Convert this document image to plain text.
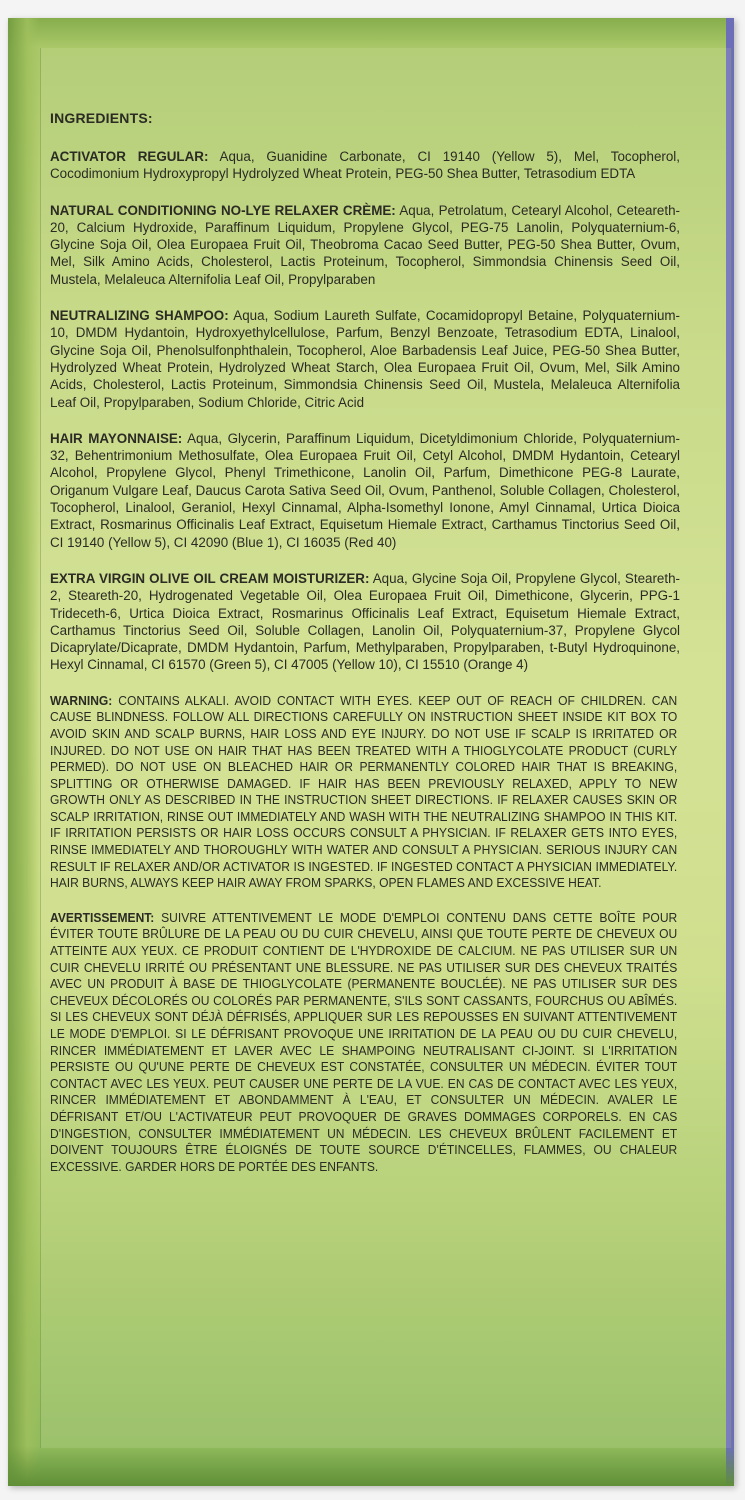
INGREDIENTS:
ACTIVATOR REGULAR: Aqua, Guanidine Carbonate, CI 19140 (Yellow 5), Mel, Tocopherol, Cocodimonium Hydroxypropyl Hydrolyzed Wheat Protein, PEG-50 Shea Butter, Tetrasodium EDTA
NATURAL CONDITIONING NO-LYE RELAXER CRÈME: Aqua, Petrolatum, Cetearyl Alcohol, Ceteareth-20, Calcium Hydroxide, Paraffinum Liquidum, Propylene Glycol, PEG-75 Lanolin, Polyquaternium-6, Glycine Soja Oil, Olea Europaea Fruit Oil, Theobroma Cacao Seed Butter, PEG-50 Shea Butter, Ovum, Mel, Silk Amino Acids, Cholesterol, Lactis Proteinum, Tocopherol, Simmondsia Chinensis Seed Oil, Mustela, Melaleuca Alternifolia Leaf Oil, Propylparaben
NEUTRALIZING SHAMPOO: Aqua, Sodium Laureth Sulfate, Cocamidopropyl Betaine, Polyquaternium-10, DMDM Hydantoin, Hydroxyethylcellulose, Parfum, Benzyl Benzoate, Tetrasodium EDTA, Linalool, Glycine Soja Oil, Phenolsulfonphthalein, Tocopherol, Aloe Barbadensis Leaf Juice, PEG-50 Shea Butter, Hydrolyzed Wheat Protein, Hydrolyzed Wheat Starch, Olea Europaea Fruit Oil, Ovum, Mel, Silk Amino Acids, Cholesterol, Lactis Proteinum, Simmondsia Chinensis Seed Oil, Mustela, Melaleuca Alternifolia Leaf Oil, Propylparaben, Sodium Chloride, Citric Acid
HAIR MAYONNAISE: Aqua, Glycerin, Paraffinum Liquidum, Dicetyldimonium Chloride, Polyquaternium-32, Behentrimonium Methosulfate, Olea Europaea Fruit Oil, Cetyl Alcohol, DMDM Hydantoin, Cetearyl Alcohol, Propylene Glycol, Phenyl Trimethicone, Lanolin Oil, Parfum, Dimethicone PEG-8 Laurate, Origanum Vulgare Leaf, Daucus Carota Sativa Seed Oil, Ovum, Panthenol, Soluble Collagen, Cholesterol, Tocopherol, Linalool, Geraniol, Hexyl Cinnamal, Alpha-Isomethyl Ionone, Amyl Cinnamal, Urtica Dioica Extract, Rosmarinus Officinalis Leaf Extract, Equisetum Hiemale Extract, Carthamus Tinctorius Seed Oil, CI 19140 (Yellow 5), CI 42090 (Blue 1), CI 16035 (Red 40)
EXTRA VIRGIN OLIVE OIL CREAM MOISTURIZER: Aqua, Glycine Soja Oil, Propylene Glycol, Steareth-2, Steareth-20, Hydrogenated Vegetable Oil, Olea Europaea Fruit Oil, Dimethicone, Glycerin, PPG-1 Trideceth-6, Urtica Dioica Extract, Rosmarinus Officinalis Leaf Extract, Equisetum Hiemale Extract, Carthamus Tinctorius Seed Oil, Soluble Collagen, Lanolin Oil, Polyquaternium-37, Propylene Glycol Dicaprylate/Dicaprate, DMDM Hydantoin, Parfum, Methylparaben, Propylparaben, t-Butyl Hydroquinone, Hexyl Cinnamal, CI 61570 (Green 5), CI 47005 (Yellow 10), CI 15510 (Orange 4)
WARNING: CONTAINS ALKALI. AVOID CONTACT WITH EYES. KEEP OUT OF REACH OF CHILDREN. CAN CAUSE BLINDNESS. FOLLOW ALL DIRECTIONS CAREFULLY ON INSTRUCTION SHEET INSIDE KIT BOX TO AVOID SKIN AND SCALP BURNS, HAIR LOSS AND EYE INJURY. DO NOT USE IF SCALP IS IRRITATED OR INJURED. DO NOT USE ON HAIR THAT HAS BEEN TREATED WITH A THIOGLYCOLATE PRODUCT (CURLY PERMED). DO NOT USE ON BLEACHED HAIR OR PERMANENTLY COLORED HAIR THAT IS BREAKING, SPLITTING OR OTHERWISE DAMAGED. IF HAIR HAS BEEN PREVIOUSLY RELAXED, APPLY TO NEW GROWTH ONLY AS DESCRIBED IN THE INSTRUCTION SHEET DIRECTIONS. IF RELAXER CAUSES SKIN OR SCALP IRRITATION, RINSE OUT IMMEDIATELY AND WASH WITH THE NEUTRALIZING SHAMPOO IN THIS KIT. IF IRRITATION PERSISTS OR HAIR LOSS OCCURS CONSULT A PHYSICIAN. IF RELAXER GETS INTO EYES, RINSE IMMEDIATELY AND THOROUGHLY WITH WATER AND CONSULT A PHYSICIAN. SERIOUS INJURY CAN RESULT IF RELAXER AND/OR ACTIVATOR IS INGESTED. IF INGESTED CONTACT A PHYSICIAN IMMEDIATELY. HAIR BURNS, ALWAYS KEEP HAIR AWAY FROM SPARKS, OPEN FLAMES AND EXCESSIVE HEAT.
AVERTISSEMENT: SUIVRE ATTENTIVEMENT LE MODE D'EMPLOI CONTENU DANS CETTE BOÎTE POUR ÉVITER TOUTE BRÛLURE DE LA PEAU OU DU CUIR CHEVELU, AINSI QUE TOUTE PERTE DE CHEVEUX OU ATTEINTE AUX YEUX. CE PRODUIT CONTIENT DE L'HYDROXIDE DE CALCIUM. NE PAS UTILISER SUR UN CUIR CHEVELU IRRITÉ OU PRÉSENTANT UNE BLESSURE. NE PAS UTILISER SUR DES CHEVEUX TRAITÉS AVEC UN PRODUIT À BASE DE THIOGLYCOLATE (PERMANENTE BOUCLÉE). NE PAS UTILISER SUR DES CHEVEUX DÉCOLORÉS OU COLORÉS PAR PERMANENTE, S'ILS SONT CASSANTS, FOURCHUS OU ABÎMÉS. SI LES CHEVEUX SONT DÉJÀ DÉFRISÉS, APPLIQUER SUR LES REPOUSSES EN SUIVANT ATTENTIVEMENT LE MODE D'EMPLOI. SI LE DÉFRISANT PROVOQUE UNE IRRITATION DE LA PEAU OU DU CUIR CHEVELU, RINCER IMMÉDIATEMENT ET LAVER AVEC LE SHAMPOING NEUTRALISANT CI-JOINT. SI L'IRRITATION PERSISTE OU QU'UNE PERTE DE CHEVEUX EST CONSTATÉE, CONSULTER UN MÉDECIN. ÉVITER TOUT CONTACT AVEC LES YEUX. PEUT CAUSER UNE PERTE DE LA VUE. EN CAS DE CONTACT AVEC LES YEUX, RINCER IMMÉDIATEMENT ET ABONDAMMENT À L'EAU, ET CONSULTER UN MÉDECIN. AVALER LE DÉFRISANT ET/OU L'ACTIVATEUR PEUT PROVOQUER DE GRAVES DOMMAGES CORPORELS. EN CAS D'INGESTION, CONSULTER IMMÉDIATEMENT UN MÉDECIN. LES CHEVEUX BRÛLENT FACILEMENT ET DOIVENT TOUJOURS ÊTRE ÉLOIGNÉS DE TOUTE SOURCE D'ÉTINCELLES, FLAMMES, OU CHALEUR EXCESSIVE. GARDER HORS DE PORTÉE DES ENFANTS.
